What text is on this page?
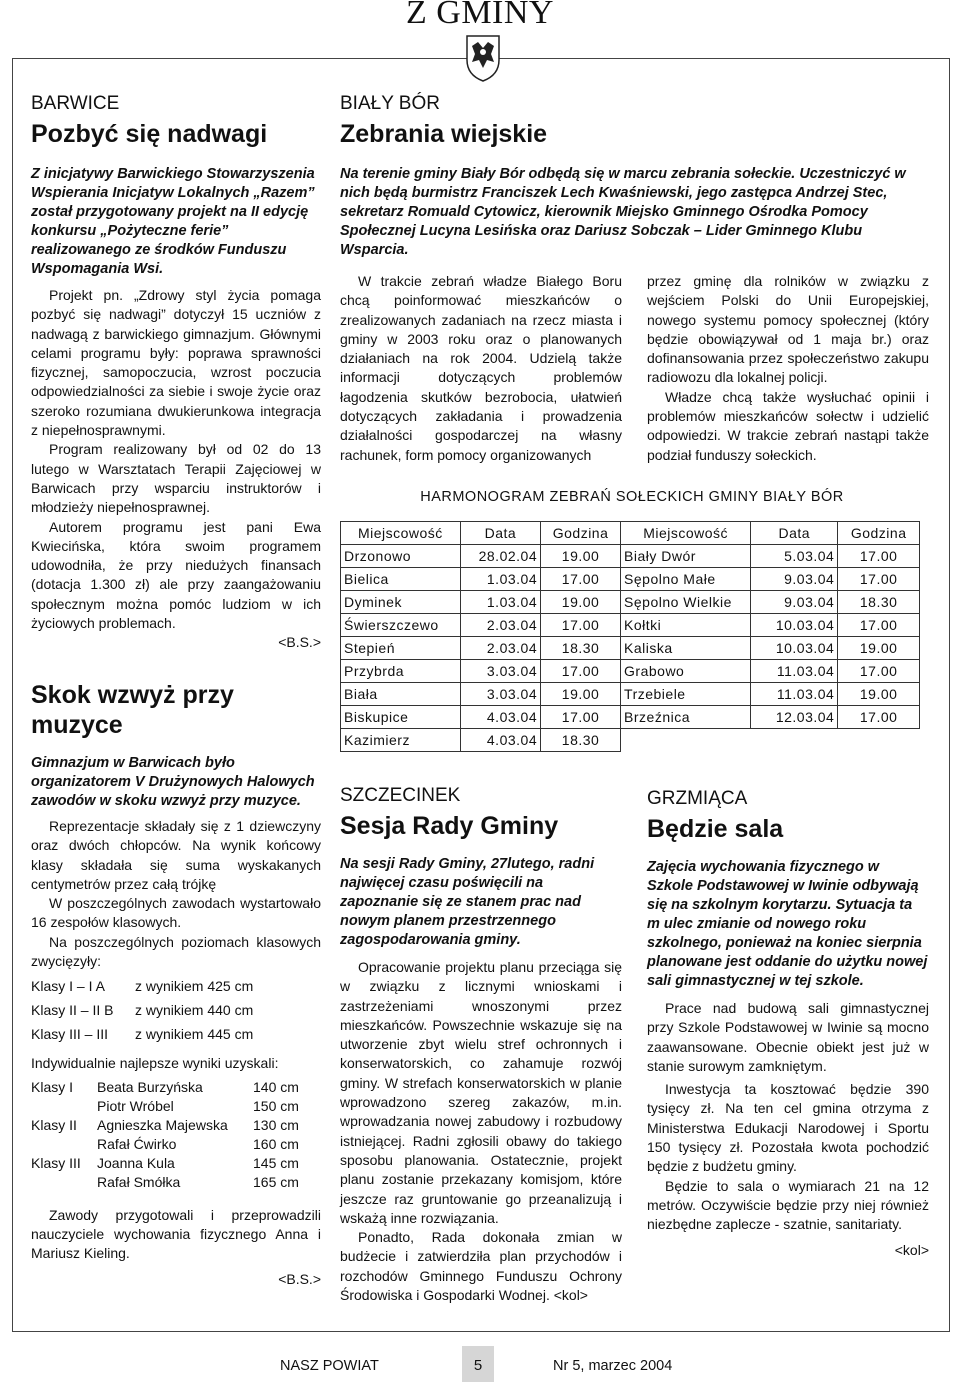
Z GMINY
BARWICE
Pozbyć się nadwagi

Z inicjatywy Barwickiego Stowarzyszenia Wspierania Inicjatyw Lokalnych „Razem” został przygotowany projekt na II edycję konkursu „Pożyteczne ferie” realizowanego ze środków Funduszu Wspomagania Wsi.

Projekt pn. „Zdrowy styl życia pomaga pozbyć się nadwagi” dotyczył 15 uczniów z nadwagą z barwickiego gimnazjum. Głównymi celami programu były: poprawa sprawności fizycznej, samopoczucia, wzrost poczucia odpowiedzialności za siebie i swoje życie oraz szeroko rozumiana dwukierunkowa integracja z niepełnosprawnymi.

Program realizowany był od 02 do 13 lutego w Warsztatach Terapii Zajęciowej w Barwicach przy wsparciu instruktorów i młodzieży niepełnosprawnej.

Autorem programu jest pani Ewa Kwiecińska, która swoim programem udowodniła, że przy niedużych finansach (dotacja 1.300 zł) ale przy zaangażowaniu społecznym można pomóc ludziom w ich życiowych problemach.

<B.S.>

Skok wzwyż przy muzyce

Gimnazjum w Barwicach było organizatorem V Drużynowych Halowych zawodów w skoku wzwyż przy muzyce.

Reprezentacje składały się z 1 dziewczyny oraz dwóch chłopców. Na wynik końcowy klasy składała się suma wyskakanych centymetrów przez całą trójkę

W poszczególnych zawodach wystartowało 16 zespołów klasowych.

Na poszczególnych poziomach klasowych zwycięzyły:

Klasy I – I A z wynikiem 425 cm
Klasy II – II B z wynikiem 440 cm
Klasy III – III z wynikiem 445 cm

Indywidualnie najlepsze wyniki uzyskali:

Klasy I Beata Burzyńska	140 cm
Piotr Wróbel	150 cm
Klasy II Agnieszka Majewska 130 cm
Rafał Ćwirko	160 cm
Klasy III Joanna Kula	145 cm
Rafał Smółka	165 cm

Zawody przygotowali i przeprowadzili nauczyciele wychowania fizycznego Anna i Mariusz Kieling.

<B.S.>

BIAŁY BÓR
Zebrania wiejskie

Na terenie gminy Biały Bór odbędą się w marcu zebrania sołeckie. Uczestniczyć w nich będą burmistrz Franciszek Lech Kwaśniewski, jego zastępca Andrzej Stec, sekretarz Romuald Cytowicz, kierownik Miejsko Gminnego Ośrodka Pomocy Społecznej Lucyna Lesińska oraz Dariusz Sobczak – Lider Gminnego Klubu Wsparcia.

W trakcie zebrań władze Białego Boru chcą poinformować mieszkańców o zrealizowanych zadaniach na rzecz miasta i gminy w 2003 roku oraz o planowanych działaniach na rok 2004. Udzielą także informacji dotyczących problemów łagodzenia skutków bezrobocia, ułatwień dotyczących zakładania i prowadzenia działalności gospodarczej na własny rachunek, form pomocy organizowanych

przez gminę dla rolników w związku z wejściem Polski do Unii Europejskiej, nowego systemu pomocy społecznej (który będzie obowiązywał od 1 maja br.) oraz dofinansowania przez społeczeństwo zakupu radiowozu dla lokalnej policji.

Władze chcą także wysłuchać opinii i problemów mieszkańców sołectw i udzielić odpowiedzi. W trakcie zebrań nastąpi także podział funduszy sołeckich.

HARMONOGRAM ZEBRAŃ SOŁECKICH GMINY BIAŁY BÓR
Miejscowość	Data	Godzina	Miejscowość	Data	Godzina
Drzonowo	28.02.04	19.00	Biały Dwór	5.03.04	17.00
Bielica	1.03.04	17.00	Sępolno Małe	9.03.04	17.00
Dyminek	1.03.04	19.00	Sępolno Wielkie	9.03.04	18.30
Świerszczewo	2.03.04	17.00	Kołtki	10.03.04	17.00
Stepień	2.03.04	18.30	Kaliska	10.03.04	19.00
Przybrda	3.03.04	17.00	Grabowo	11.03.04	17.00
Biała	3.03.04	19.00	Trzebiele	11.03.04	19.00
Biskupice	4.03.04	17.00	Brzeźnica	12.03.04	17.00
Kazimierz	4.03.04	18.30			
SZCZECINEK
Sesja Rady Gminy

Na sesji Rady Gminy, 27lutego, radni najwięcej czasu poświęcili na zapoznanie się ze stanem prac nad nowym planem przestrzennego zagospodarowania gminy.

Opracowanie projektu planu przeciąga się w związku z licznymi wnioskami i zastrzeżeniami wnoszonymi przez mieszkańców. Powszechnie wskazuje się na utworzenie zbyt wielu stref ochronnych i konserwatorskich, co zahamuje rozwój gminy. W strefach konserwatorskich w planie wprowadzono szereg zakazów, m.in. wprowadzania nowej zabudowy i rozbudowy istniejącej. Radni zgłosili obawy do takiego sposobu planowania. Ostatecznie, projekt planu zostanie przekazany komisjom, które jeszcze raz gruntowanie go przeanalizują i wskażą inne rozwiązania.

Ponadto, Rada dokonała zmian w budżecie i zatwierdziła plan przychodów i rozchodów Gminnego Funduszu Ochrony Środowiska i Gospodarki Wodnej. <kol>

GRZMIĄCA
Będzie sala

Zajęcia wychowania fizycznego w Szkole Podstawowej w Iwinie odbywają się na szkolnym korytarzu. Sytuacja ta m ulec zmianie od nowego roku szkolnego, ponieważ na koniec sierpnia planowane jest oddanie do użytku nowej sali gimnastycznej w tej szkole.

Prace nad budową sali gimnastycznej przy Szkole Podstawowej w Iwinie są mocno zaawansowane. Obecnie obiekt jest już w stanie surowym zamkniętym.

Inwestycja ta kosztować będzie 390 tysięcy zł. Na ten cel gmina otrzyma z Ministerstwa Edukacji Narodowej i Sportu 150 tysięcy zł. Pozostała kwota pochodzić będzie z budżetu gminy.

Będzie to sala o wymiarach 21 na 12 metrów. Oczywiście będzie przy niej również niezbędne zaplecze - szatnie, sanitariaty.

<kol>

NASZ POWIAT	5	Nr 5, marzec 2004
